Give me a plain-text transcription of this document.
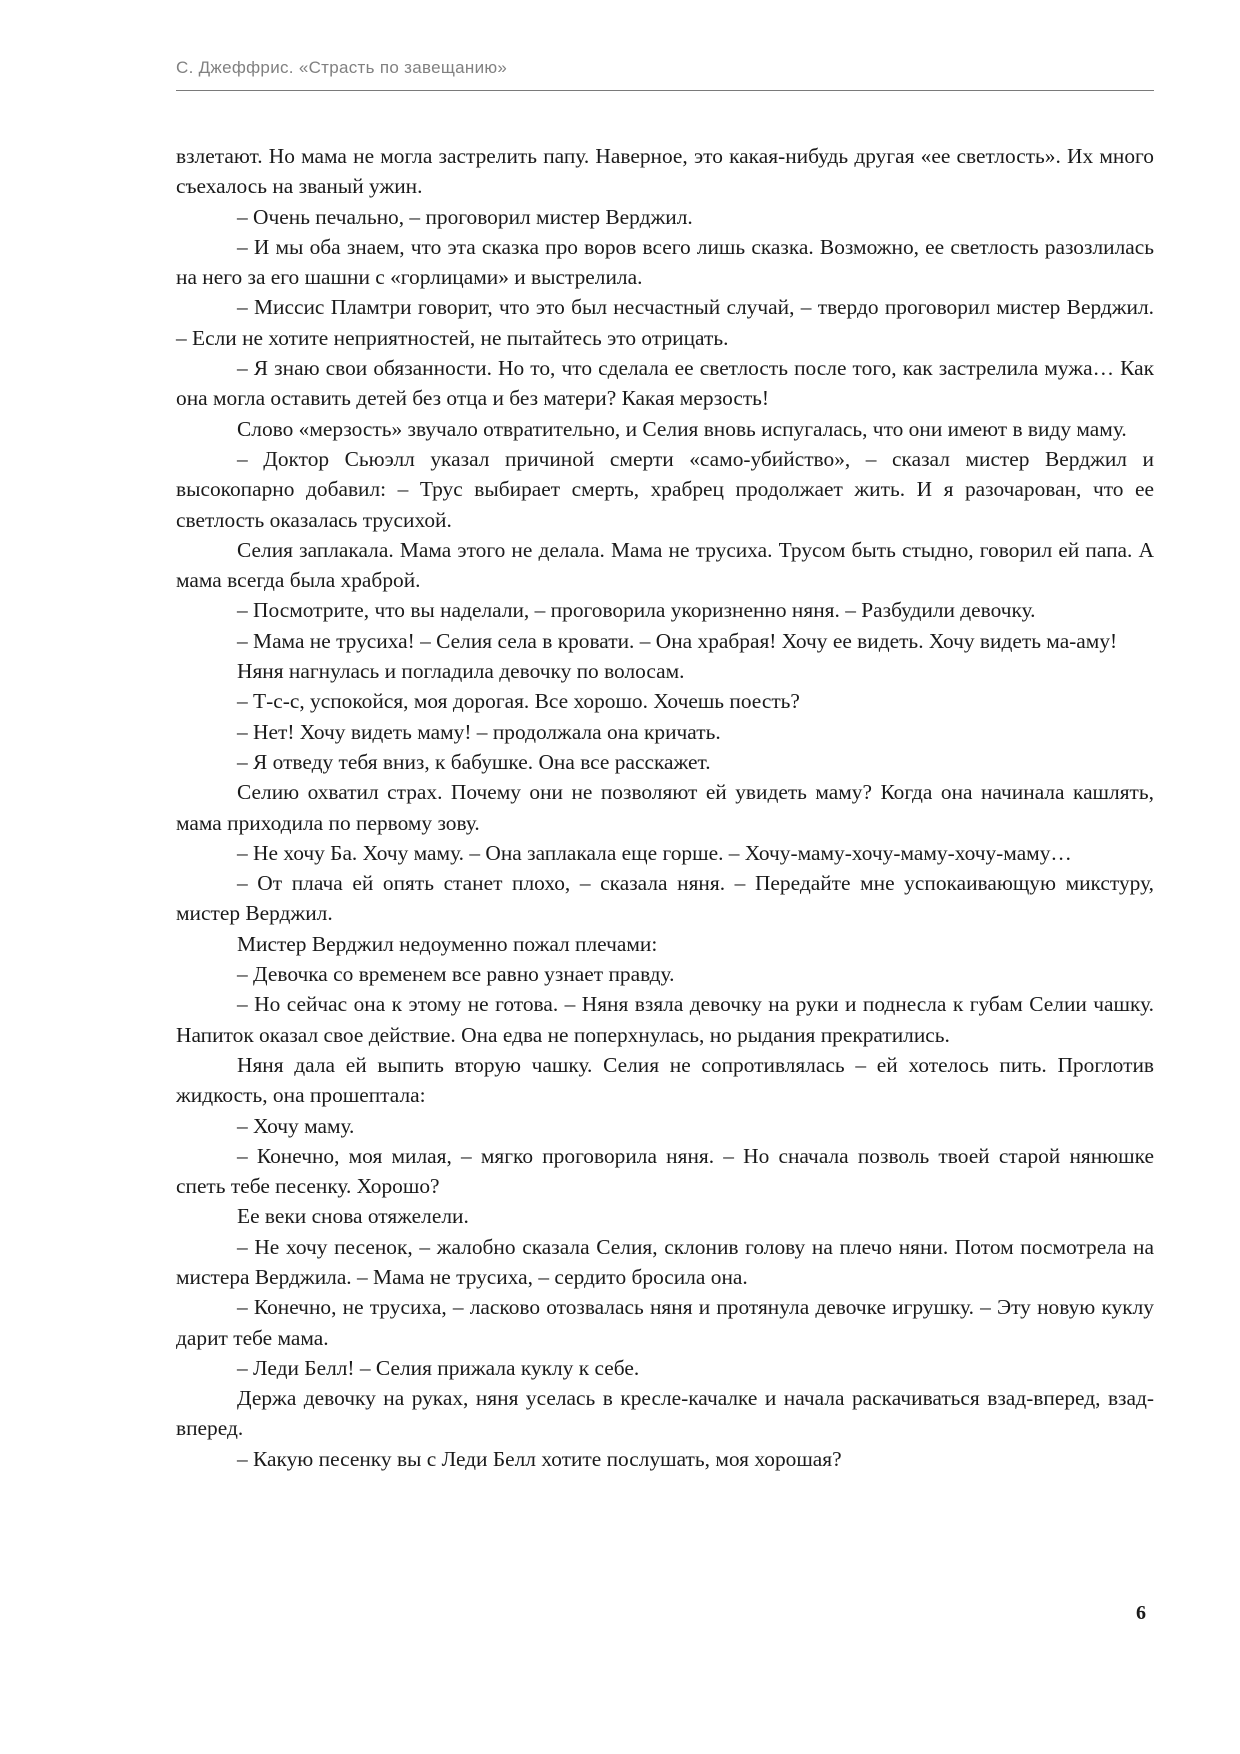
С. Джеффрис. «Страсть по завещанию»

взлетают. Но мама не могла застрелить папу. Наверное, это какая-нибудь другая «ее светлость». Их много съехалось на званый ужин.

– Очень печально, – проговорил мистер Верджил.

– И мы оба знаем, что эта сказка про воров всего лишь сказка. Возможно, ее светлость разозлилась на него за его шашни с «горлицами» и выстрелила.

– Миссис Пламтри говорит, что это был несчастный случай, – твердо проговорил мистер Верджил. – Если не хотите неприятностей, не пытайтесь это отрицать.

– Я знаю свои обязанности. Но то, что сделала ее светлость после того, как застрелила мужа… Как она могла оставить детей без отца и без матери? Какая мерзость!

Слово «мерзость» звучало отвратительно, и Селия вновь испугалась, что они имеют в виду маму.

– Доктор Сьюэлл указал причиной смерти «само-убийство», – сказал мистер Верджил и высокопарно добавил: – Трус выбирает смерть, храбрец продолжает жить. И я разочарован, что ее светлость оказалась трусихой.

Селия заплакала. Мама этого не делала. Мама не трусиха. Трусом быть стыдно, говорил ей папа. А мама всегда была храброй.

– Посмотрите, что вы наделали, – проговорила укоризненно няня. – Разбудили девочку.

– Мама не трусиха! – Селия села в кровати. – Она храбрая! Хочу ее видеть. Хочу видеть ма-аму!

Няня нагнулась и погладила девочку по волосам.

– Т-с-с, успокойся, моя дорогая. Все хорошо. Хочешь поесть?

– Нет! Хочу видеть маму! – продолжала она кричать.

– Я отведу тебя вниз, к бабушке. Она все расскажет.

Селию охватил страх. Почему они не позволяют ей увидеть маму? Когда она начинала кашлять, мама приходила по первому зову.

– Не хочу Ба. Хочу маму. – Она заплакала еще горше. – Хочу-маму-хочу-маму-хочу-маму…

– От плача ей опять станет плохо, – сказала няня. – Передайте мне успокаивающую микстуру, мистер Верджил.

Мистер Верджил недоуменно пожал плечами:

– Девочка со временем все равно узнает правду.

– Но сейчас она к этому не готова. – Няня взяла девочку на руки и поднесла к губам Селии чашку. Напиток оказал свое действие. Она едва не поперхнулась, но рыдания прекратились.

Няня дала ей выпить вторую чашку. Селия не сопротивлялась – ей хотелось пить. Проглотив жидкость, она прошептала:

– Хочу маму.

– Конечно, моя милая, – мягко проговорила няня. – Но сначала позволь твоей старой нянюшке спеть тебе песенку. Хорошо?

Ее веки снова отяжелели.

– Не хочу песенок, – жалобно сказала Селия, склонив голову на плечо няни. Потом посмотрела на мистера Верджила. – Мама не трусиха, – сердито бросила она.

– Конечно, не трусиха, – ласково отозвалась няня и протянула девочке игрушку. – Эту новую куклу дарит тебе мама.

– Леди Белл! – Селия прижала куклу к себе.

Держа девочку на руках, няня уселась в кресле-качалке и начала раскачиваться взад-вперед, взад-вперед.

– Какую песенку вы с Леди Белл хотите послушать, моя хорошая?

6
